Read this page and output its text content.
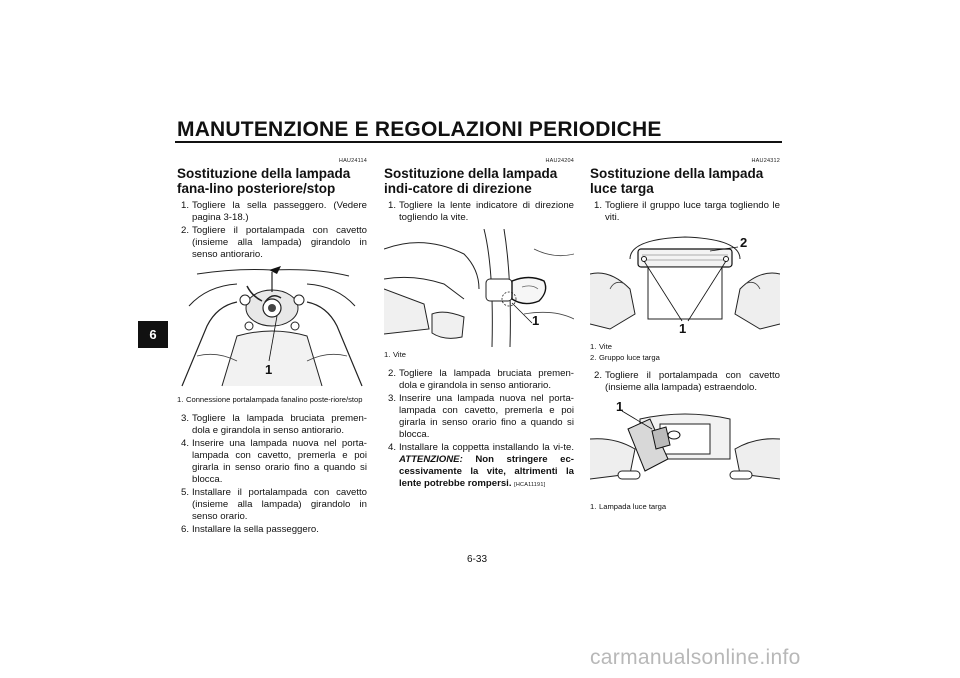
MANUTENZIONE E REGOLAZIONI PERIODICHE
6
HAU24114
Sostituzione della lampada fana-lino posteriore/stop
1. Togliere la sella passeggero. (Vedere pagina 3-18.)
2. Togliere il portalampada con cavetto (insieme alla lampada) girandolo in senso antiorario.
1
1. Connessione portalampada fanalino poste-riore/stop
3. Togliere la lampada bruciata premen-dola e girandola in senso antiorario.
4. Inserire una lampada nuova nel porta-lampada con cavetto, premerla e poi girarla in senso orario fino a quando si blocca.
5. Installare il portalampada con cavetto (insieme alla lampada) girandolo in senso orario.
6. Installare la sella passeggero.
HAU24204
Sostituzione della lampada indi-catore di direzione
1. Togliere la lente indicatore di direzione togliendo la vite.
1
1. Vite
2. Togliere la lampada bruciata premen-dola e girandola in senso antiorario.
3. Inserire una lampada nuova nel porta-lampada con cavetto, premerla e poi girarla in senso orario fino a quando si blocca.
4. Installare la coppetta installando la vi-te. ATTENZIONE: Non stringere ec-cessivamente la vite, altrimenti la lente potrebbe rompersi. [HCA11191]
HAU24312
Sostituzione della lampada luce targa
1. Togliere il gruppo luce targa togliendo le viti.
2
1
1. Vite
2. Gruppo luce targa
2. Togliere il portalampada con cavetto (insieme alla lampada) estraendolo.
1
1. Lampada luce targa
6-33
carmanualsonline.info
